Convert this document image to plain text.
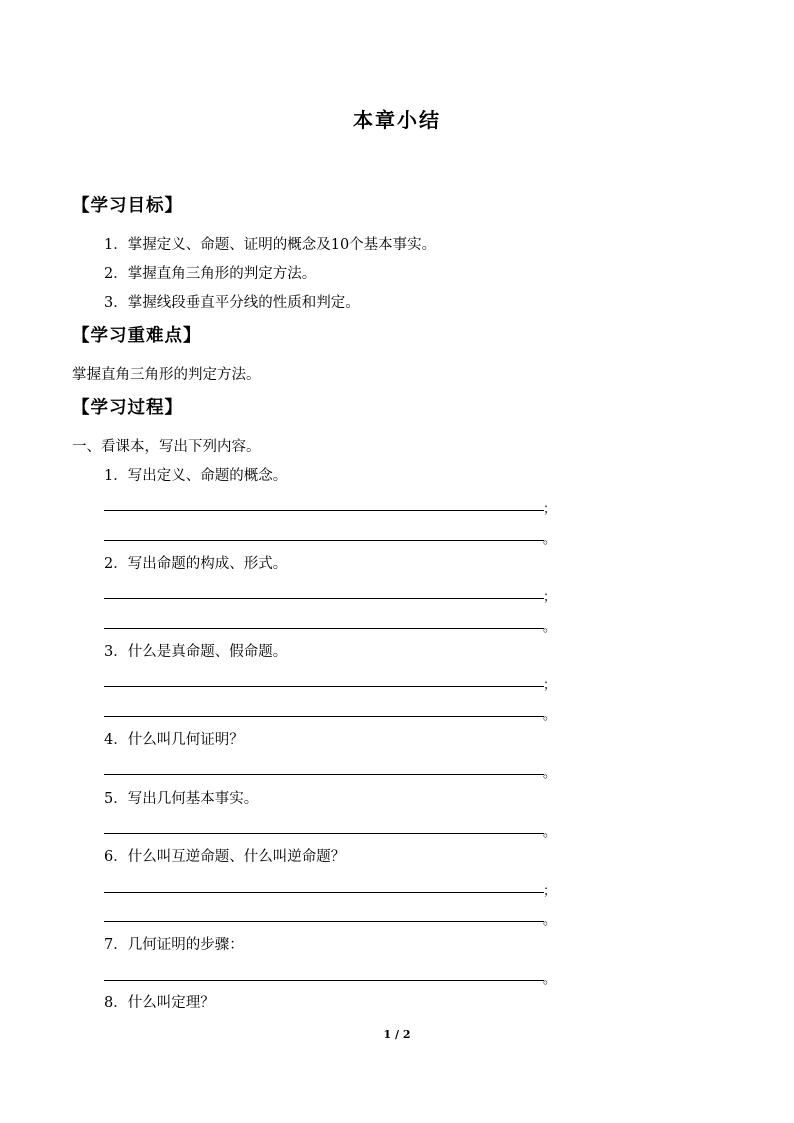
本章小结
【学习目标】
1．掌握定义、命题、证明的概念及10个基本事实。
2．掌握直角三角形的判定方法。
3．掌握线段垂直平分线的性质和判定。
【学习重难点】
掌握直角三角形的判定方法。
【学习过程】
一、看课本，写出下列内容。
1．写出定义、命题的概念。
；
。
2．写出命题的构成、形式。
；
。
3．什么是真命题、假命题。
；
。
4．什么叫几何证明？
。
5．写出几何基本事实。
。
6．什么叫互逆命题、什么叫逆命题？
；
。
7．几何证明的步骤：
。
8．什么叫定理？
1 / 2
